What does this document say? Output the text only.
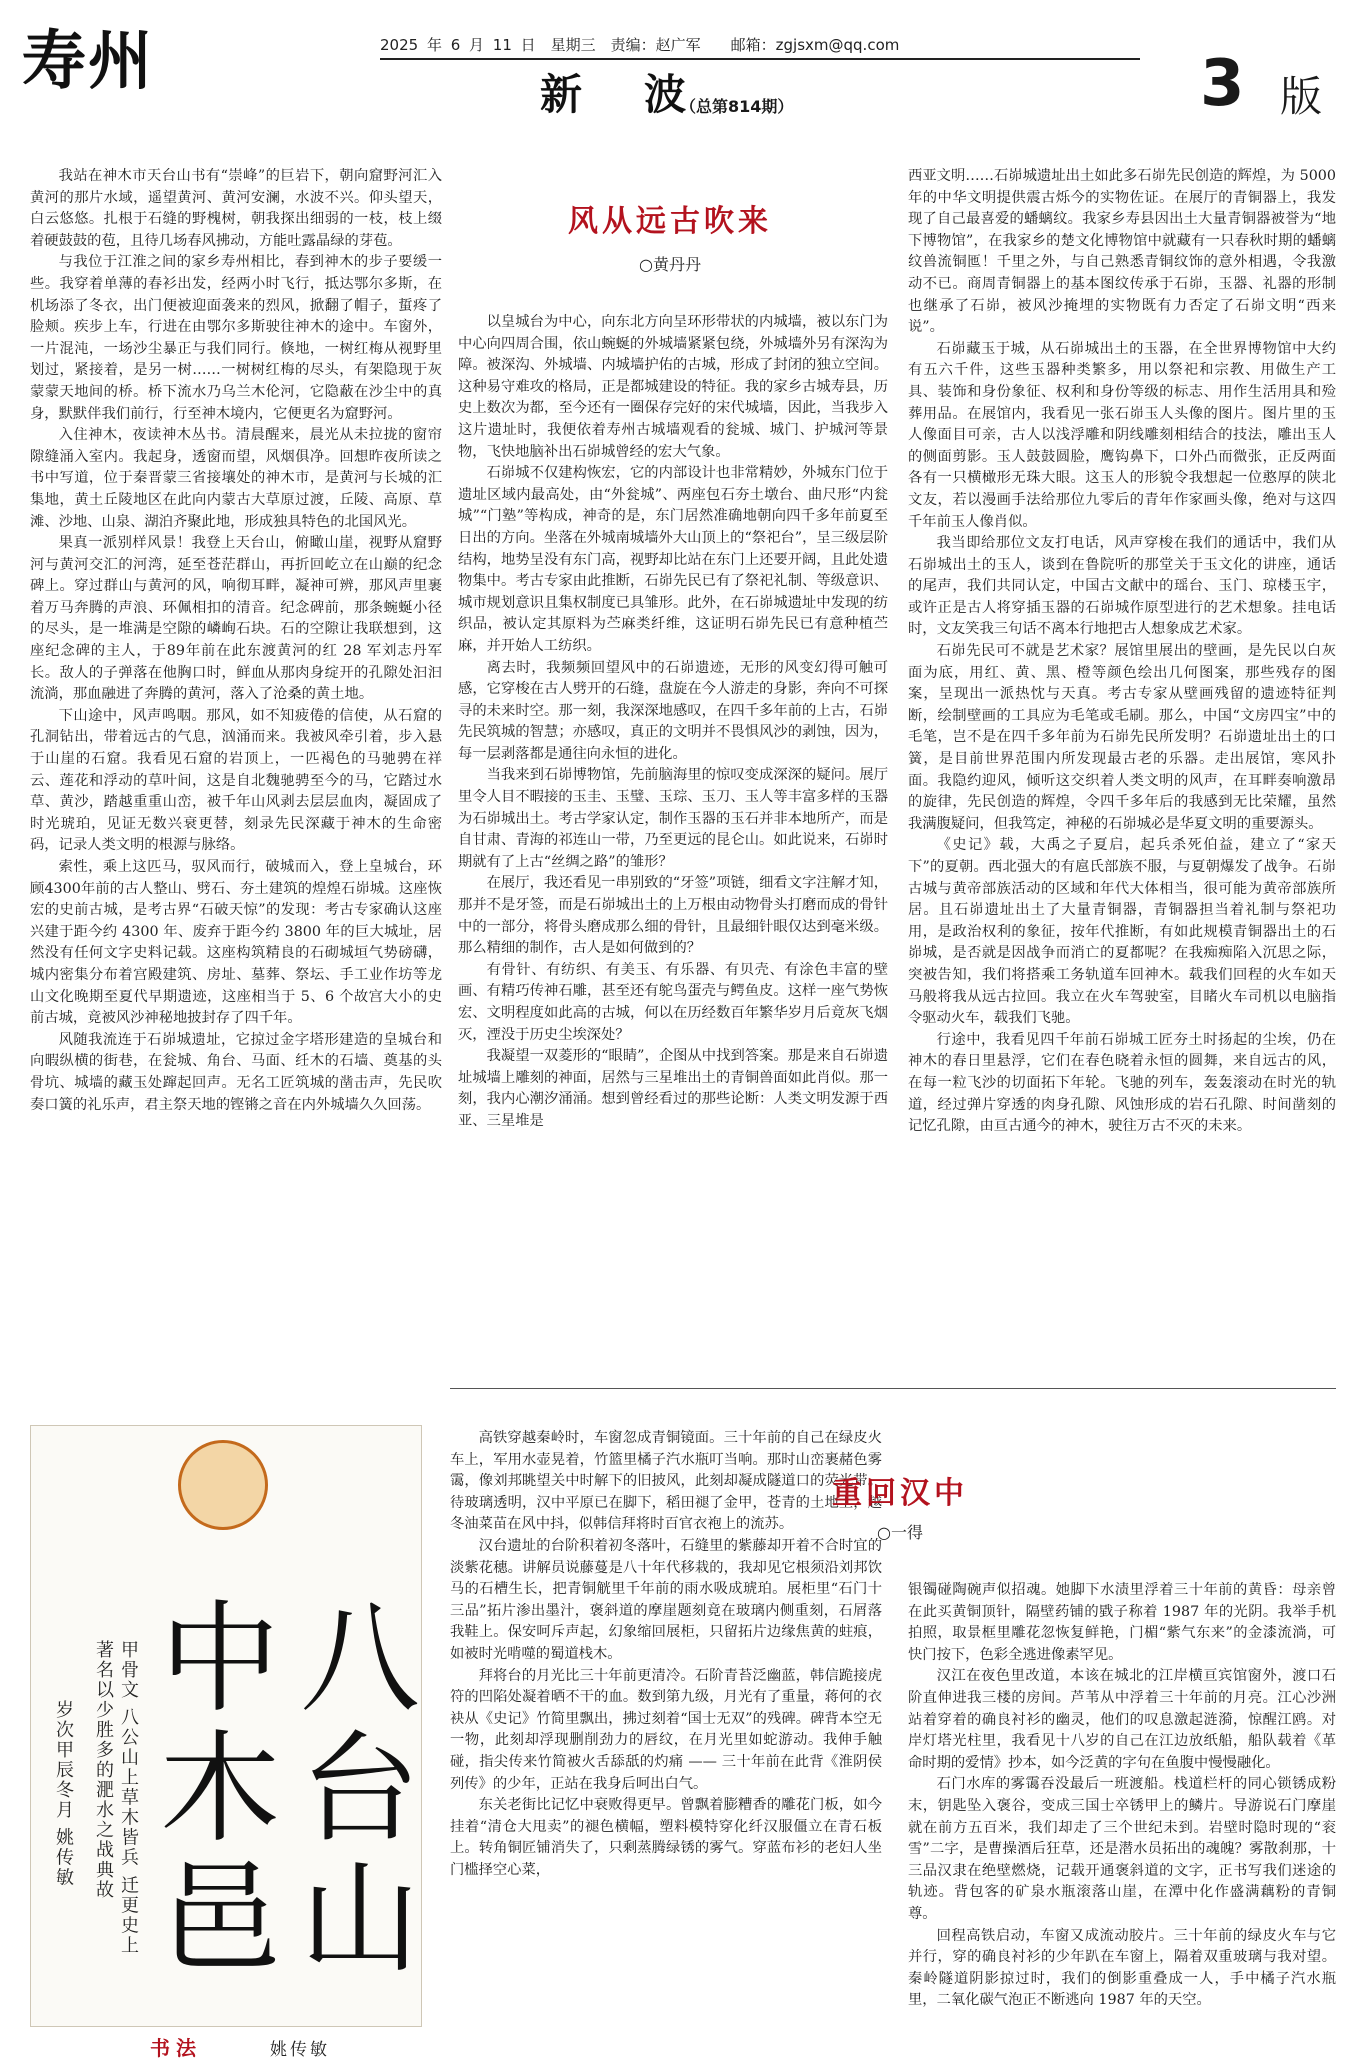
寿州	2025 年 6 月 11 日　星期三　责编：赵广军　　邮箱：zgjsxm@qq.com
新　波
（总第814期）	3 版

我站在神木市天台山书有“崇峰”的巨岩下，朝向窟野河汇入黄河的那片水域，遥望黄河、黄河安澜，水波不兴。仰头望天，白云悠悠。扎根于石缝的野槐树，朝我探出细弱的一枝，枝上缀着硬鼓鼓的苞，且待几场春风拂动，方能吐露晶绿的芽苞。

与我位于江淮之间的家乡寿州相比，春到神木的步子要缓一些。我穿着单薄的春衫出发，经两小时飞行，抵达鄂尔多斯，在机场添了冬衣，出门便被迎面袭来的烈风，掀翻了帽子，蜇疼了脸颊。疾步上车，行进在由鄂尔多斯驶往神木的途中。车窗外，一片混沌，一场沙尘暴正与我们同行。倏地，一树红梅从视野里划过，紧接着，是另一树……一树树红梅的尽头，有架隐现于灰蒙蒙天地间的桥。桥下流水乃乌兰木伦河，它隐蔽在沙尘中的真身，默默伴我们前行，行至神木境内，它便更名为窟野河。

入住神木，夜读神木丛书。清晨醒来，晨光从未拉拢的窗帘隙缝涌入室内。我起身，透窗而望，风烟俱净。回想昨夜所读之书中写道，位于秦晋蒙三省接壤处的神木市，是黄河与长城的汇集地，黄土丘陵地区在此向内蒙古大草原过渡，丘陵、高原、草滩、沙地、山泉、湖泊齐聚此地，形成独具特色的北国风光。

果真一派别样风景！我登上天台山，俯瞰山崖，视野从窟野河与黄河交汇的河湾，延至苍茫群山，再折回屹立在山巅的纪念碑上。穿过群山与黄河的风，响彻耳畔，凝神可辨，那风声里裹着万马奔腾的声浪、环佩相扣的清音。纪念碑前，那条蜿蜒小径的尽头，是一堆满是空隙的嶙峋石块。石的空隙让我联想到，这座纪念碑的主人，于89年前在此东渡黄河的红 28 军刘志丹军长。敌人的子弹落在他胸口时，鲜血从那肉身绽开的孔隙处汩汩流淌，那血融进了奔腾的黄河，落入了沧桑的黄土地。

下山途中，风声鸣咽。那风，如不知疲倦的信使，从石窟的孔洞钻出，带着远古的气息，汹涌而来。我被风牵引着，步入悬于山崖的石窟。我看见石窟的岩顶上，一匹褐色的马驰骋在祥云、莲花和浮动的草叶间，这是自北魏驰骋至今的马，它踏过水草、黄沙，踏越重重山峦，被千年山风剥去层层血肉，凝固成了时光琥珀，见证无数兴衰更替，刻录先民深藏于神木的生命密码，记录人类文明的根源与脉络。

索性，乘上这匹马，驭风而行，破城而入，登上皇城台，环顾4300年前的古人整山、劈石、夯土建筑的煌煌石峁城。这座恢宏的史前古城，是考古界“石破天惊”的发现：考古专家确认这座兴建于距今约 4300 年、废弃于距今约 3800 年的巨大城址，居然没有任何文字史料记载。这座构筑精良的石砌城垣气势磅礴，城内密集分布着宫殿建筑、房址、墓葬、祭坛、手工业作坊等龙山文化晚期至夏代早期遗迹，这座相当于 5、6 个故宫大小的史前古城，竟被风沙神秘地披封存了四千年。

风随我流连于石峁城遗址，它掠过金字塔形建造的皇城台和向暇纵横的街巷，在瓮城、角台、马面、纴木的石墙、奠基的头骨坑、城墙的藏玉处蹿起回声。无名工匠筑城的凿击声，先民吹奏口簧的礼乐声，君主祭天地的铿锵之音在内外城墙久久回荡。

风从远古吹来
○黄丹丹

以皇城台为中心，向东北方向呈环形带状的内城墙，被以东门为中心向四周合围，依山蜿蜒的外城墙紧紧包绕，外城墙外另有深沟为障。被深沟、外城墙、内城墙护佑的古城，形成了封闭的独立空间。这种易守难攻的格局，正是都城建设的特征。我的家乡古城寿县，历史上数次为都，至今还有一圈保存完好的宋代城墙，因此，当我步入这片遗址时，我便依着寿州古城墙观看的瓮城、城门、护城河等景物，飞快地脑补出石峁城曾经的宏大气象。

石峁城不仅建构恢宏，它的内部设计也非常精妙，外城东门位于遗址区域内最高处，由“外瓮城”、两座包石夯土墩台、曲尺形“内瓮城”“门塾”等构成，神奇的是，东门居然准确地朝向四千多年前夏至日出的方向。坐落在外城南城墙外大山顶上的“祭祀台”，呈三级层阶结构，地势呈没有东门高，视野却比站在东门上还要开阔，且此处遗物集中。考古专家由此推断，石峁先民已有了祭祀礼制、等级意识、城市规划意识且集权制度已具雏形。此外，在石峁城遗址中发现的纺织品，被认定其原料为苎麻类纤维，这证明石峁先民已有意种植苎麻，并开始人工纺织。

离去时，我频频回望风中的石峁遗迹，无形的风变幻得可触可感，它穿梭在古人劈开的石缝，盘旋在今人游走的身影，奔向不可探寻的未来时空。那一刻，我深深地感叹，在四千多年前的上古，石峁先民筑城的智慧；亦感叹，真正的文明并不畏惧风沙的剥蚀，因为，每一层剥落都是通往向永恒的进化。

当我来到石峁博物馆，先前脑海里的惊叹变成深深的疑问。展厅里令人目不暇接的玉圭、玉璧、玉琮、玉刀、玉人等丰富多样的玉器为石峁城出土。考古学家认定，制作玉器的玉石并非本地所产，而是自甘肃、青海的祁连山一带，乃至更远的昆仑山。如此说来，石峁时期就有了上古“丝绸之路”的雏形？

在展厅，我还看见一串别致的“牙签”项链，细看文字注解才知，那并不是牙签，而是石峁城出土的上万根由动物骨头打磨而成的骨针中的一部分，将骨头磨成那么细的骨针，且最细针眼仅达到毫米级。那么精细的制作，古人是如何做到的？

有骨针、有纺织、有美玉、有乐器、有贝壳、有涂色丰富的壁画、有精巧传神石雕，甚至还有鸵鸟蛋壳与鳄鱼皮。这样一座气势恢宏、文明程度如此高的古城，何以在历经数百年繁华岁月后竟灰飞烟灭，湮没于历史尘埃深处？

我凝望一双菱形的“眼睛”，企图从中找到答案。那是来自石峁遗址城墙上雕刻的神面，居然与三星堆出土的青铜兽面如此肖似。那一刻，我内心潮汐涌涌。想到曾经看过的那些论断：人类文明发源于西亚、三星堆是

西亚文明……石峁城遗址出土如此多石峁先民创造的辉煌，为 5000 年的中华文明提供震古烁今的实物佐证。在展厅的青铜器上，我发现了自己最喜爱的蟠螭纹。我家乡寿县因出土大量青铜器被誉为“地下博物馆”，在我家乡的楚文化博物馆中就藏有一只春秋时期的蟠螭纹兽流铜匜！千里之外，与自己熟悉青铜纹饰的意外相遇，令我激动不已。商周青铜器上的基本图纹传承于石峁，玉器、礼器的形制也继承了石峁，被风沙掩埋的实物既有力否定了石峁文明“西来说”。

石峁藏玉于城，从石峁城出土的玉器，在全世界博物馆中大约有五六千件，这些玉器种类繁多，用以祭祀和宗教、用做生产工具、装饰和身份象征、权利和身份等级的标志、用作生活用具和殓葬用品。在展馆内，我看见一张石峁玉人头像的图片。图片里的玉人像面目可亲，古人以浅浮雕和阴线雕刻相结合的技法，雕出玉人的侧面剪影。玉人鼓鼓圆脸，鹰钩鼻下，口外凸而微张，正反两面各有一只横橄形无珠大眼。这玉人的形貌令我想起一位憨厚的陕北文友，若以漫画手法给那位九零后的青年作家画头像，绝对与这四千年前玉人像肖似。

我当即给那位文友打电话，风声穿梭在我们的通话中，我们从石峁城出土的玉人，谈到在鲁院听的那堂关于玉文化的讲座，通话的尾声，我们共同认定，中国古文献中的瑶台、玉门、琼楼玉宇，或许正是古人将穿插玉器的石峁城作原型进行的艺术想象。挂电话时，文友笑我三句话不离本行地把古人想象成艺术家。

石峁先民可不就是艺术家？展馆里展出的壁画，是先民以白灰面为底，用红、黄、黑、橙等颜色绘出几何图案，那些残存的图案，呈现出一派热忱与天真。考古专家从壁画残留的遗迹特征判断，绘制壁画的工具应为毛笔或毛刷。那么，中国“文房四宝”中的毛笔，岂不是在四千多年前为石峁先民所发明？石峁遗址出土的口簧，是目前世界范围内所发现最古老的乐器。走出展馆，寒风扑面。我隐约迎风，倾听这交织着人类文明的风声，在耳畔奏响激昂的旋律，先民创造的辉煌，令四千多年后的我感到无比荣耀，虽然我满腹疑问，但我笃定，神秘的石峁城必是华夏文明的重要源头。

《史记》载，大禹之子夏启，起兵杀死伯益，建立了“家天下”的夏朝。西北强大的有扈氏部族不服，与夏朝爆发了战争。石峁古城与黄帝部族活动的区域和年代大体相当，很可能为黄帝部族所居。且石峁遗址出土了大量青铜器，青铜器担当着礼制与祭祀功用，是政治权利的象征，按年代推断，有如此规模青铜器出土的石峁城，是否就是因战争而消亡的夏都呢？在我痴痴陷入沉思之际，突被告知，我们将搭乘工务轨道车回神木。载我们回程的火车如天马般将我从远古拉回。我立在火车驾驶室，目睹火车司机以电脑指令驱动火车，载我们飞驰。

行途中，我看见四千年前石峁城工匠夯土时扬起的尘埃，仍在神木的春日里悬浮，它们在春色晓着永恒的圆舞，来自远古的风，在每一粒飞沙的切面拓下年轮。飞驰的列车，轰轰滚动在时光的轨道，经过弹片穿透的肉身孔隙、风蚀形成的岩石孔隙、时间凿刻的记忆孔隙，由亘古通今的神木，驶往万古不灭的未来。

八
台
山
中
木
邑
甲骨文 八公山上草木皆兵 迁更史上
著名以少胜多的淝水之战典故
岁次甲辰冬月 姚传敏
书法	姚传敏

高铁穿越秦岭时，车窗忽成青铜镜面。三十年前的自己在绿皮火车上，军用水壶晃着，竹篮里橘子汽水瓶叮当响。那时山峦裹赭色雾霭，像刘邦眺望关中时解下的旧披风，此刻却凝成隧道口的荧光带。待玻璃透明，汉中平原已在脚下，稻田褪了金甲，苍青的土地上，越冬油菜苗在风中抖，似韩信拜将时百官衣袍上的流苏。

汉台遗址的台阶积着初冬落叶，石缝里的紫藤却开着不合时宜的淡紫花穗。讲解员说藤蔓是八十年代移栽的，我却见它根须沿刘邦饮马的石槽生长，把青铜觥里千年前的雨水吸成琥珀。展柜里“石门十三品”拓片渗出墨汁，褒斜道的摩崖题刻竟在玻璃内侧重刻，石屑落我鞋上。保安呵斥声起，幻象缩回展柜，只留拓片边缘焦黄的蛀痕，如被时光啃噬的蜀道栈木。

拜将台的月光比三十年前更清冷。石阶青苔泛幽蓝，韩信跪接虎符的凹陷处凝着晒不干的血。数到第九级，月光有了重量，蒋何的衣袂从《史记》竹简里飘出，拂过刻着“国士无双”的残碑。碑背本空无一物，此刻却浮现删削劲力的唇纹，在月光里如蛇游动。我伸手触碰，指尖传来竹简被火舌舔舐的灼痛 —— 三十年前在此背《淮阴侯列传》的少年，正站在我身后呵出白气。

东关老街比记忆中衰败得更早。曾飘着膨糟香的雕花门板，如今挂着“清仓大甩卖”的褪色横幅，塑料模特穿化纤汉服僵立在青石板上。转角铜匠铺消失了，只剩蒸腾绿锈的雾气。穿蓝布衫的老妇人坐门槛择空心菜，

重回汉中
○一得

银镯碰陶碗声似招魂。她脚下水渍里浮着三十年前的黄昏：母亲曾在此买黄铜顶针，隔壁药铺的戥子称着 1987 年的光阴。我举手机拍照，取景框里雕花忽恢复鲜艳，门楣“紫气东来”的金漆流淌，可快门按下，色彩全逃进像素罕见。

汉江在夜色里改道，本该在城北的江岸横亘宾馆窗外，渡口石阶直伸进我三楼的房间。芦苇从中浮着三十年前的月亮。江心沙洲站着穿着的确良衬衫的幽灵，他们的叹息激起涟漪，惊醒江鸥。对岸灯塔光柱里，我看见十八岁的自己在江边放纸船，船队载着《革命时期的爱情》抄本，如今泛黄的字句在鱼腹中慢慢融化。

石门水库的雾霭吞没最后一班渡船。栈道栏杆的同心锁锈成粉末，钥匙坠入褒谷，变成三国士卒锈甲上的鳞片。导游说石门摩崖就在前方五百米，我们却走了三个世纪未到。岩壁时隐时现的“衮雪”二字，是曹操酒后狂草，还是潜水员拓出的魂魄？雾散刹那，十三品汉隶在绝壁燃烧，记载开通褒斜道的文字，正书写我们迷途的轨迹。背包客的矿泉水瓶滚落山崖，在潭中化作盛满藕粉的青铜尊。

回程高铁启动，车窗又成流动胶片。三十年前的绿皮火车与它并行，穿的确良衬衫的少年趴在车窗上，隔着双重玻璃与我对望。秦岭隧道阴影掠过时，我们的倒影重叠成一人，手中橘子汽水瓶里，二氧化碳气泡正不断逃向 1987 年的天空。
